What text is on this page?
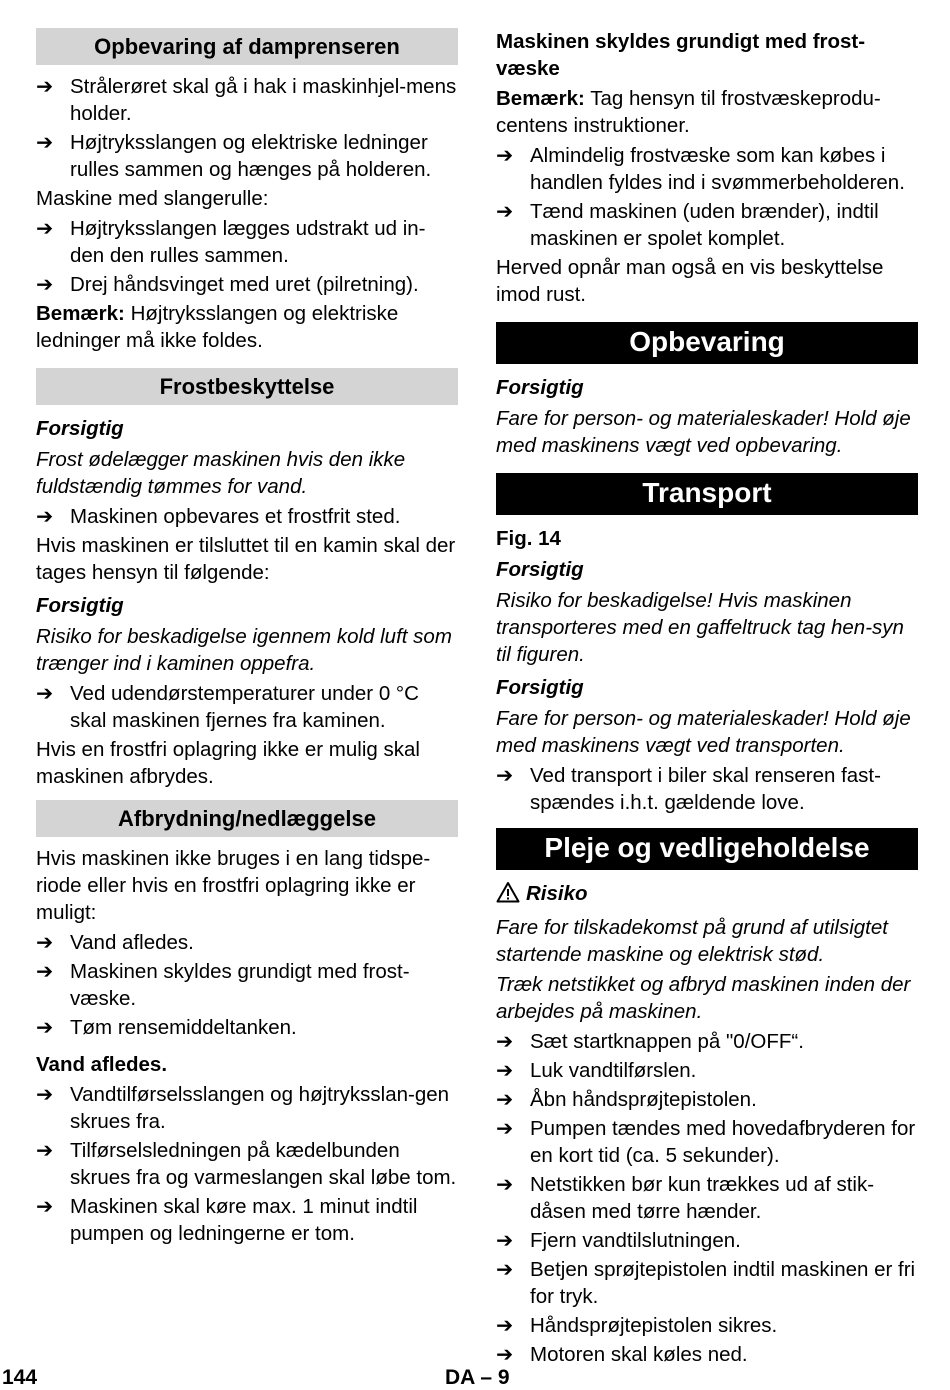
Opbevaring af damprenseren
➔ Strålerøret skal gå i hak i maskinhjel-mens holder.
➔ Højtryksslangen og elektriske ledninger rulles sammen og hænges på holderen.
Maskine med slangerulle:
➔ Højtryksslangen lægges udstrakt ud in-den den rulles sammen.
➔ Drej håndsvinget med uret (pilretning).
Bemærk: Højtryksslangen og elektriske ledninger må ikke foldes.
Frostbeskyttelse
Forsigtig
Frost ødelægger maskinen hvis den ikke fuldstændig tømmes for vand.
➔ Maskinen opbevares et frostfrit sted.
Hvis maskinen er tilsluttet til en kamin skal der tages hensyn til følgende:
Forsigtig
Risiko for beskadigelse igennem kold luft som trænger ind i kaminen oppefra.
➔ Ved udendørstemperaturer under 0 °C skal maskinen fjernes fra kaminen.
Hvis en frostfri oplagring ikke er mulig skal maskinen afbrydes.
Afbrydning/nedlæggelse
Hvis maskinen ikke bruges i en lang tidspe-riode eller hvis en frostfri oplagring ikke er muligt:
➔ Vand afledes.
➔ Maskinen skyldes grundigt med frost-væske.
➔ Tøm rensemiddeltanken.
Vand afledes.
➔ Vandtilførselsslangen og højtryksslan-gen skrues fra.
➔ Tilførselsledningen på kædelbunden skrues fra og varmeslangen skal løbe tom.
➔ Maskinen skal køre max. 1 minut indtil pumpen og ledningerne er tom.
Maskinen skyldes grundigt med frost-væske
Bemærk: Tag hensyn til frostvæskeprodu-centens instruktioner.
➔ Almindelig frostvæske som kan købes i handlen fyldes ind i svømmerbeholderen.
➔ Tænd maskinen (uden brænder), indtil maskinen er spolet komplet.
Herved opnår man også en vis beskyttelse imod rust.
Opbevaring
Forsigtig
Fare for person- og materialeskader! Hold øje med maskinens vægt ved opbevaring.
Transport
Fig. 14
Forsigtig
Risiko for beskadigelse! Hvis maskinen transporteres med en gaffeltruck tag hen-syn til figuren.
Forsigtig
Fare for person- og materialeskader! Hold øje med maskinens vægt ved transporten.
➔ Ved transport i biler skal renseren fast-spændes i.h.t. gældende love.
Pleje og vedligeholdelse
Risiko
Fare for tilskadekomst på grund af utilsigtet startende maskine og elektrisk stød.
Træk netstikket og afbryd maskinen inden der arbejdes på maskinen.
➔ Sæt startknappen på "0/OFF“.
➔ Luk vandtilførslen.
➔ Åbn håndsprøjtepistolen.
➔ Pumpen tændes med hovedafbryderen for en kort tid (ca. 5 sekunder).
➔ Netstikken bør kun trækkes ud af stik-dåsen med tørre hænder.
➔ Fjern vandtilslutningen.
➔ Betjen sprøjtepistolen indtil maskinen er fri for tryk.
➔ Håndsprøjtepistolen sikres.
➔ Motoren skal køles ned.
144	DA – 9
